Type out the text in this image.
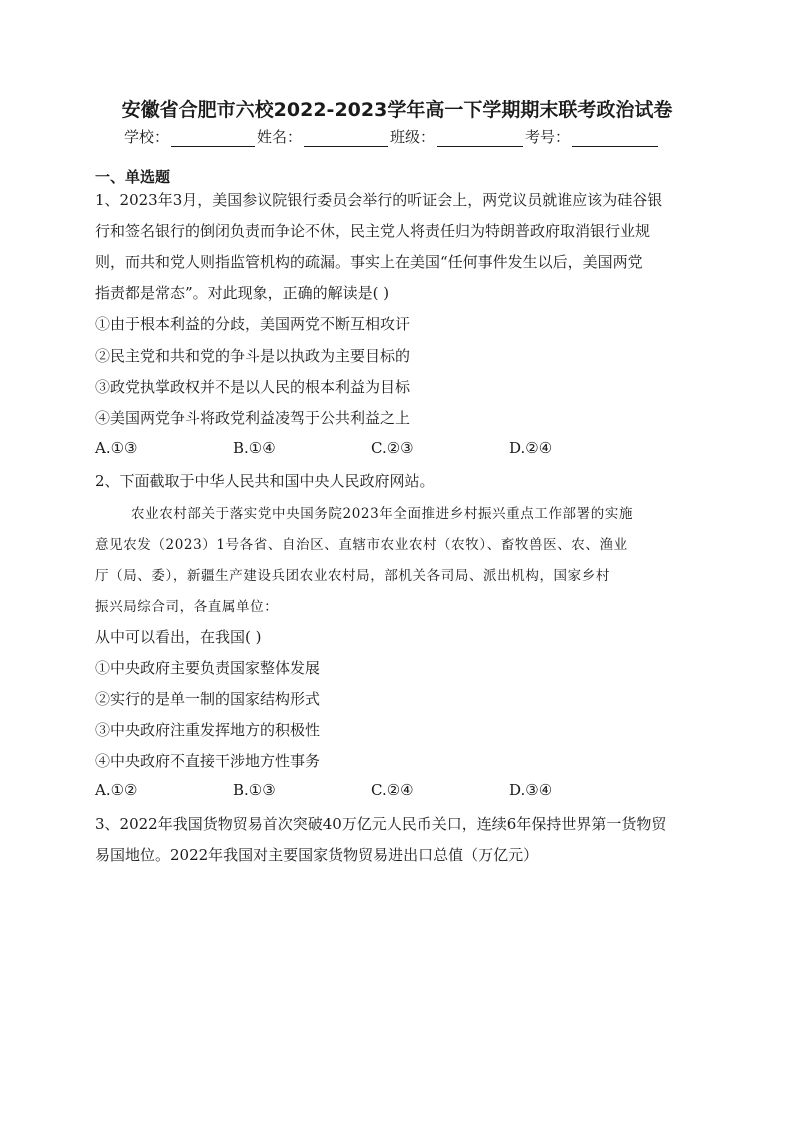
安徽省合肥市六校2022-2023学年高一下学期期末联考政治试卷
学校：	姓名：	班级：	考号：
一、单选题
1、2023年3月，美国参议院银行委员会举行的听证会上，两党议员就谁应该为硅谷银
行和签名银行的倒闭负责而争论不休，民主党人将责任归为特朗普政府取消银行业规
则，而共和党人则指监管机构的疏漏。事实上在美国“任何事件发生以后，美国两党
指责都是常态”。对此现象，正确的解读是( )
①由于根本利益的分歧，美国两党不断互相攻讦
②民主党和共和党的争斗是以执政为主要目标的
③政党执掌政权并不是以人民的根本利益为目标
④美国两党争斗将政党利益凌驾于公共利益之上
A.①③	B.①④	C.②③	D.②④
2、下面截取于中华人民共和国中央人民政府网站。
农业农村部关于落实党中央国务院2023年全面推进乡村振兴重点工作部署的实施
意见农发（2023）1号各省、自治区、直辖市农业农村（农牧）、畜牧兽医、农、渔业
厅（局、委），新疆生产建设兵团农业农村局，部机关各司局、派出机构，国家乡村
振兴局综合司，各直属单位：
从中可以看出，在我国( )
①中央政府主要负责国家整体发展
②实行的是单一制的国家结构形式
③中央政府注重发挥地方的积极性
④中央政府不直接干涉地方性事务
A.①②	B.①③	C.②④	D.③④
3、2022年我国货物贸易首次突破40万亿元人民币关口，连续6年保持世界第一货物贸
易国地位。2022年我国对主要国家货物贸易进出口总值（万亿元）
